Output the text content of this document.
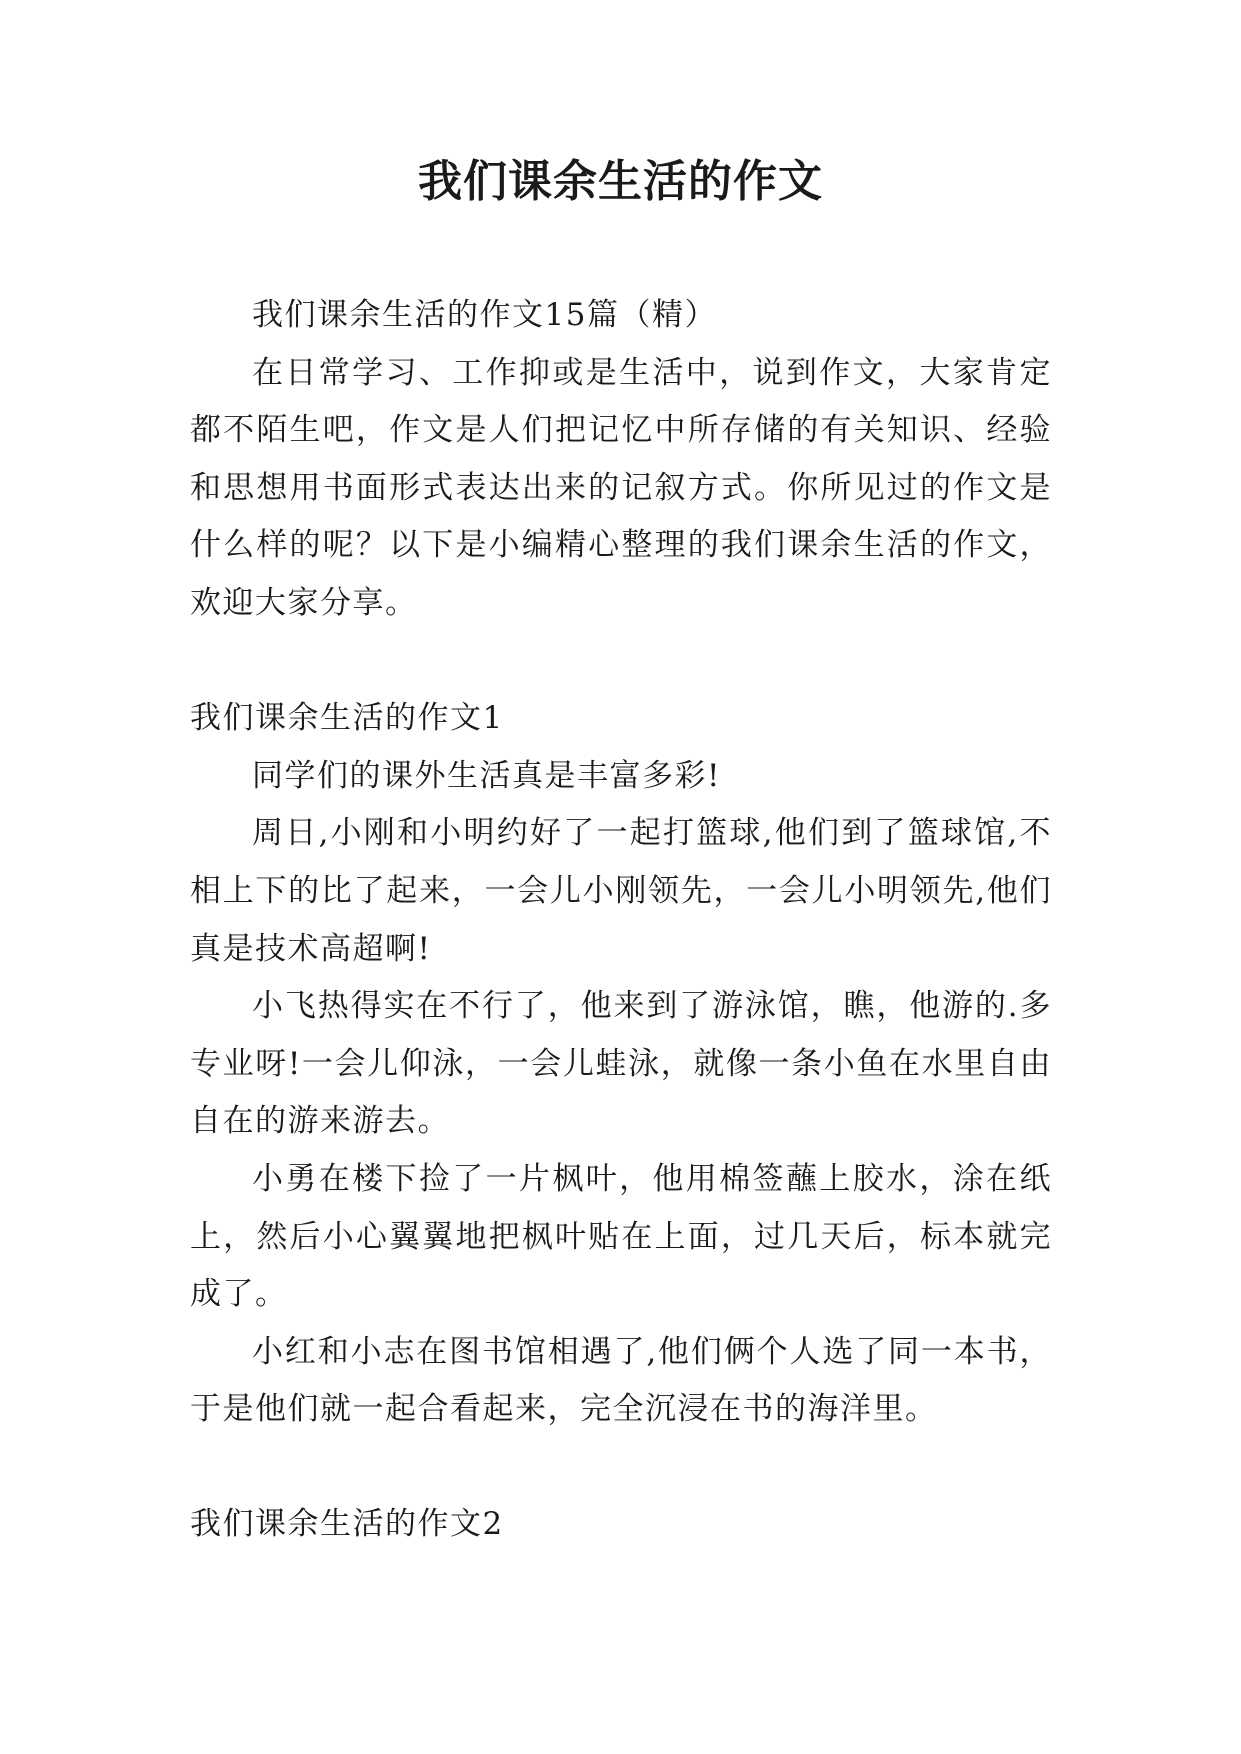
我们课余生活的作文

我们课余生活的作文15篇（精）

在日常学习、工作抑或是生活中，说到作文，大家肯定都不陌生吧，作文是人们把记忆中所存储的有关知识、经验和思想用书面形式表达出来的记叙方式。你所见过的作文是什么样的呢？以下是小编精心整理的我们课余生活的作文，欢迎大家分享。

我们课余生活的作文1

同学们的课外生活真是丰富多彩!

周日,小刚和小明约好了一起打篮球,他们到了篮球馆,不相上下的比了起来，一会儿小刚领先，一会儿小明领先,他们真是技术高超啊!

小飞热得实在不行了，他来到了游泳馆，瞧，他游的.多专业呀!一会儿仰泳，一会儿蛙泳，就像一条小鱼在水里自由自在的游来游去。

小勇在楼下捡了一片枫叶，他用棉签蘸上胶水，涂在纸上，然后小心翼翼地把枫叶贴在上面，过几天后，标本就完成了。

小红和小志在图书馆相遇了,他们俩个人选了同一本书，于是他们就一起合看起来，完全沉浸在书的海洋里。

我们课余生活的作文2
